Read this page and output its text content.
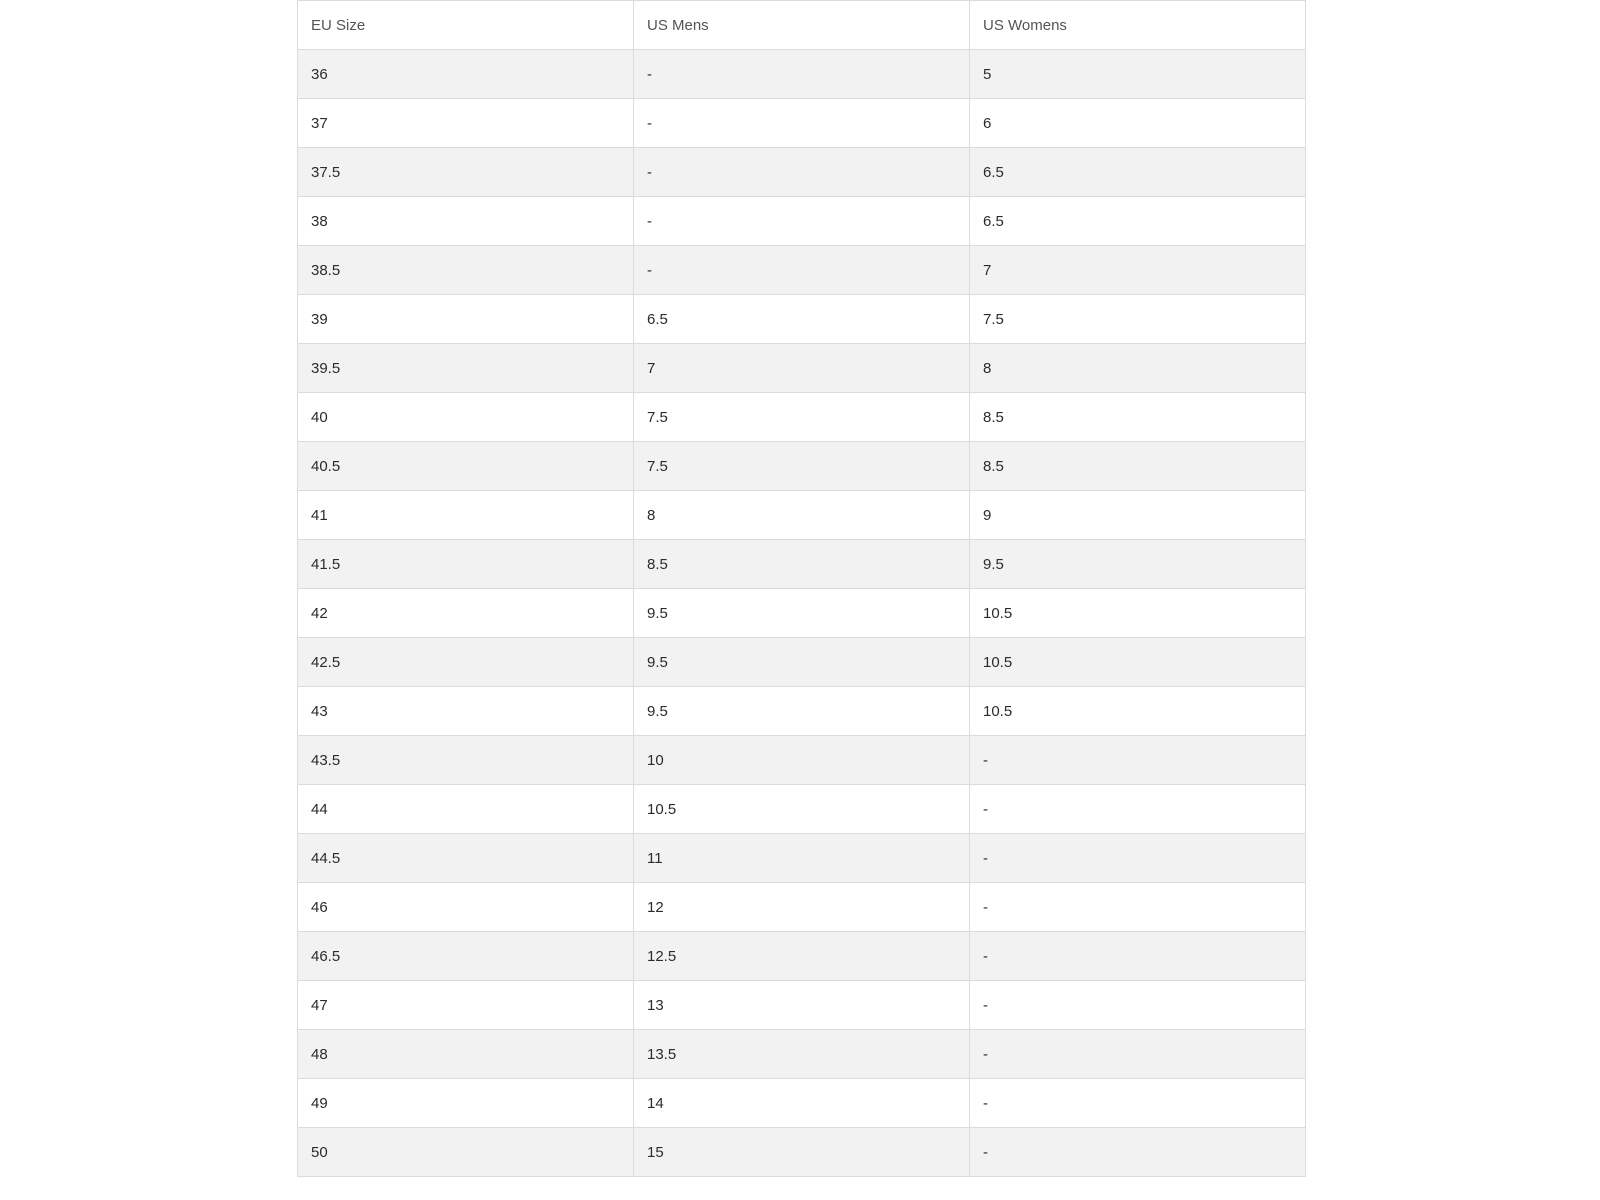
EU Size	US Mens	US Womens
36	-	5
37	-	6
37.5	-	6.5
38	-	6.5
38.5	-	7
39	6.5	7.5
39.5	7	8
40	7.5	8.5
40.5	7.5	8.5
41	8	9
41.5	8.5	9.5
42	9.5	10.5
42.5	9.5	10.5
43	9.5	10.5
43.5	10	-
44	10.5	-
44.5	11	-
46	12	-
46.5	12.5	-
47	13	-
48	13.5	-
49	14	-
50	15	-
